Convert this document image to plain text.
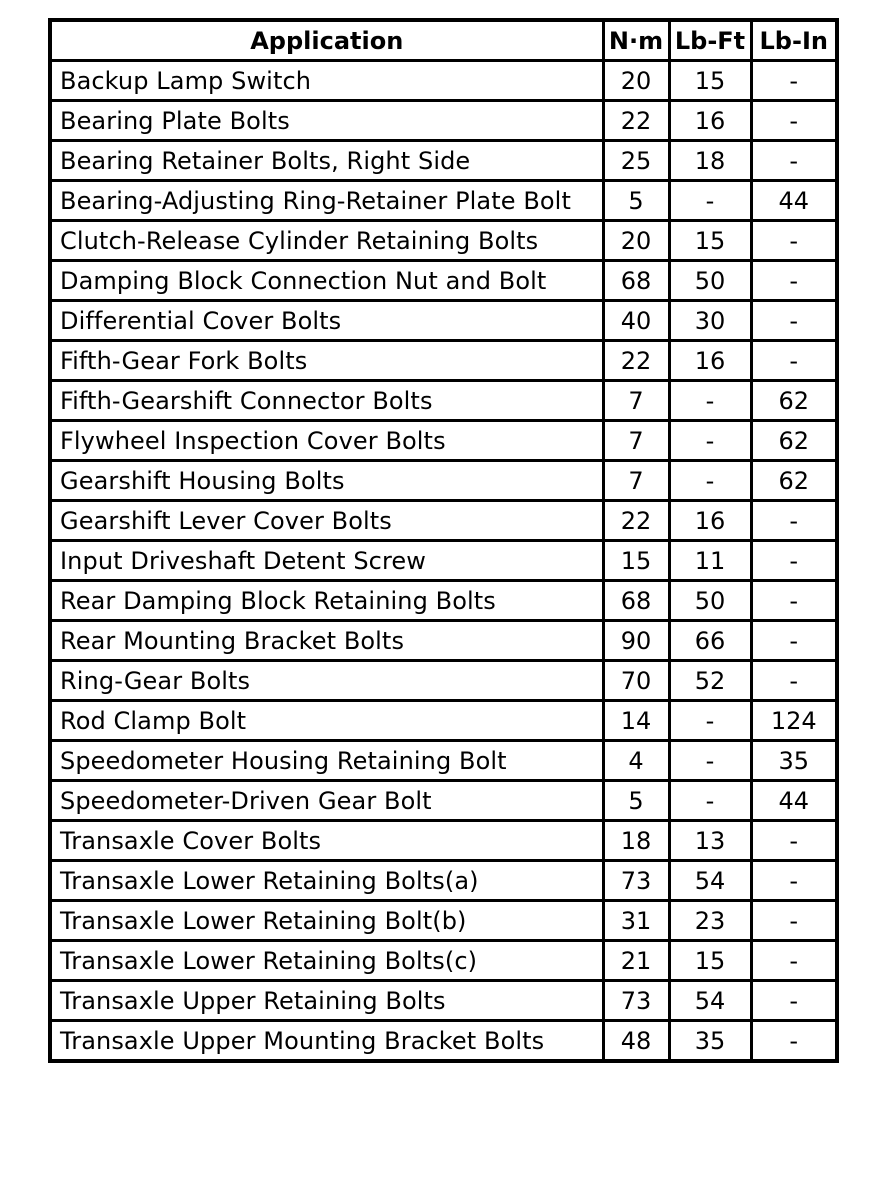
Application	N·m	Lb-Ft	Lb-In
Backup Lamp Switch	20	15	-
Bearing Plate Bolts	22	16	-
Bearing Retainer Bolts, Right Side	25	18	-
Bearing-Adjusting Ring-Retainer Plate Bolt	5	-	44
Clutch-Release Cylinder Retaining Bolts	20	15	-
Damping Block Connection Nut and Bolt	68	50	-
Differential Cover Bolts	40	30	-
Fifth-Gear Fork Bolts	22	16	-
Fifth-Gearshift Connector Bolts	7	-	62
Flywheel Inspection Cover Bolts	7	-	62
Gearshift Housing Bolts	7	-	62
Gearshift Lever Cover Bolts	22	16	-
Input Driveshaft Detent Screw	15	11	-
Rear Damping Block Retaining Bolts	68	50	-
Rear Mounting Bracket Bolts	90	66	-
Ring-Gear Bolts	70	52	-
Rod Clamp Bolt	14	-	124
Speedometer Housing Retaining Bolt	4	-	35
Speedometer-Driven Gear Bolt	5	-	44
Transaxle Cover Bolts	18	13	-
Transaxle Lower Retaining Bolts(a)	73	54	-
Transaxle Lower Retaining Bolt(b)	31	23	-
Transaxle Lower Retaining Bolts(c)	21	15	-
Transaxle Upper Retaining Bolts	73	54	-
Transaxle Upper Mounting Bracket Bolts	48	35	-
